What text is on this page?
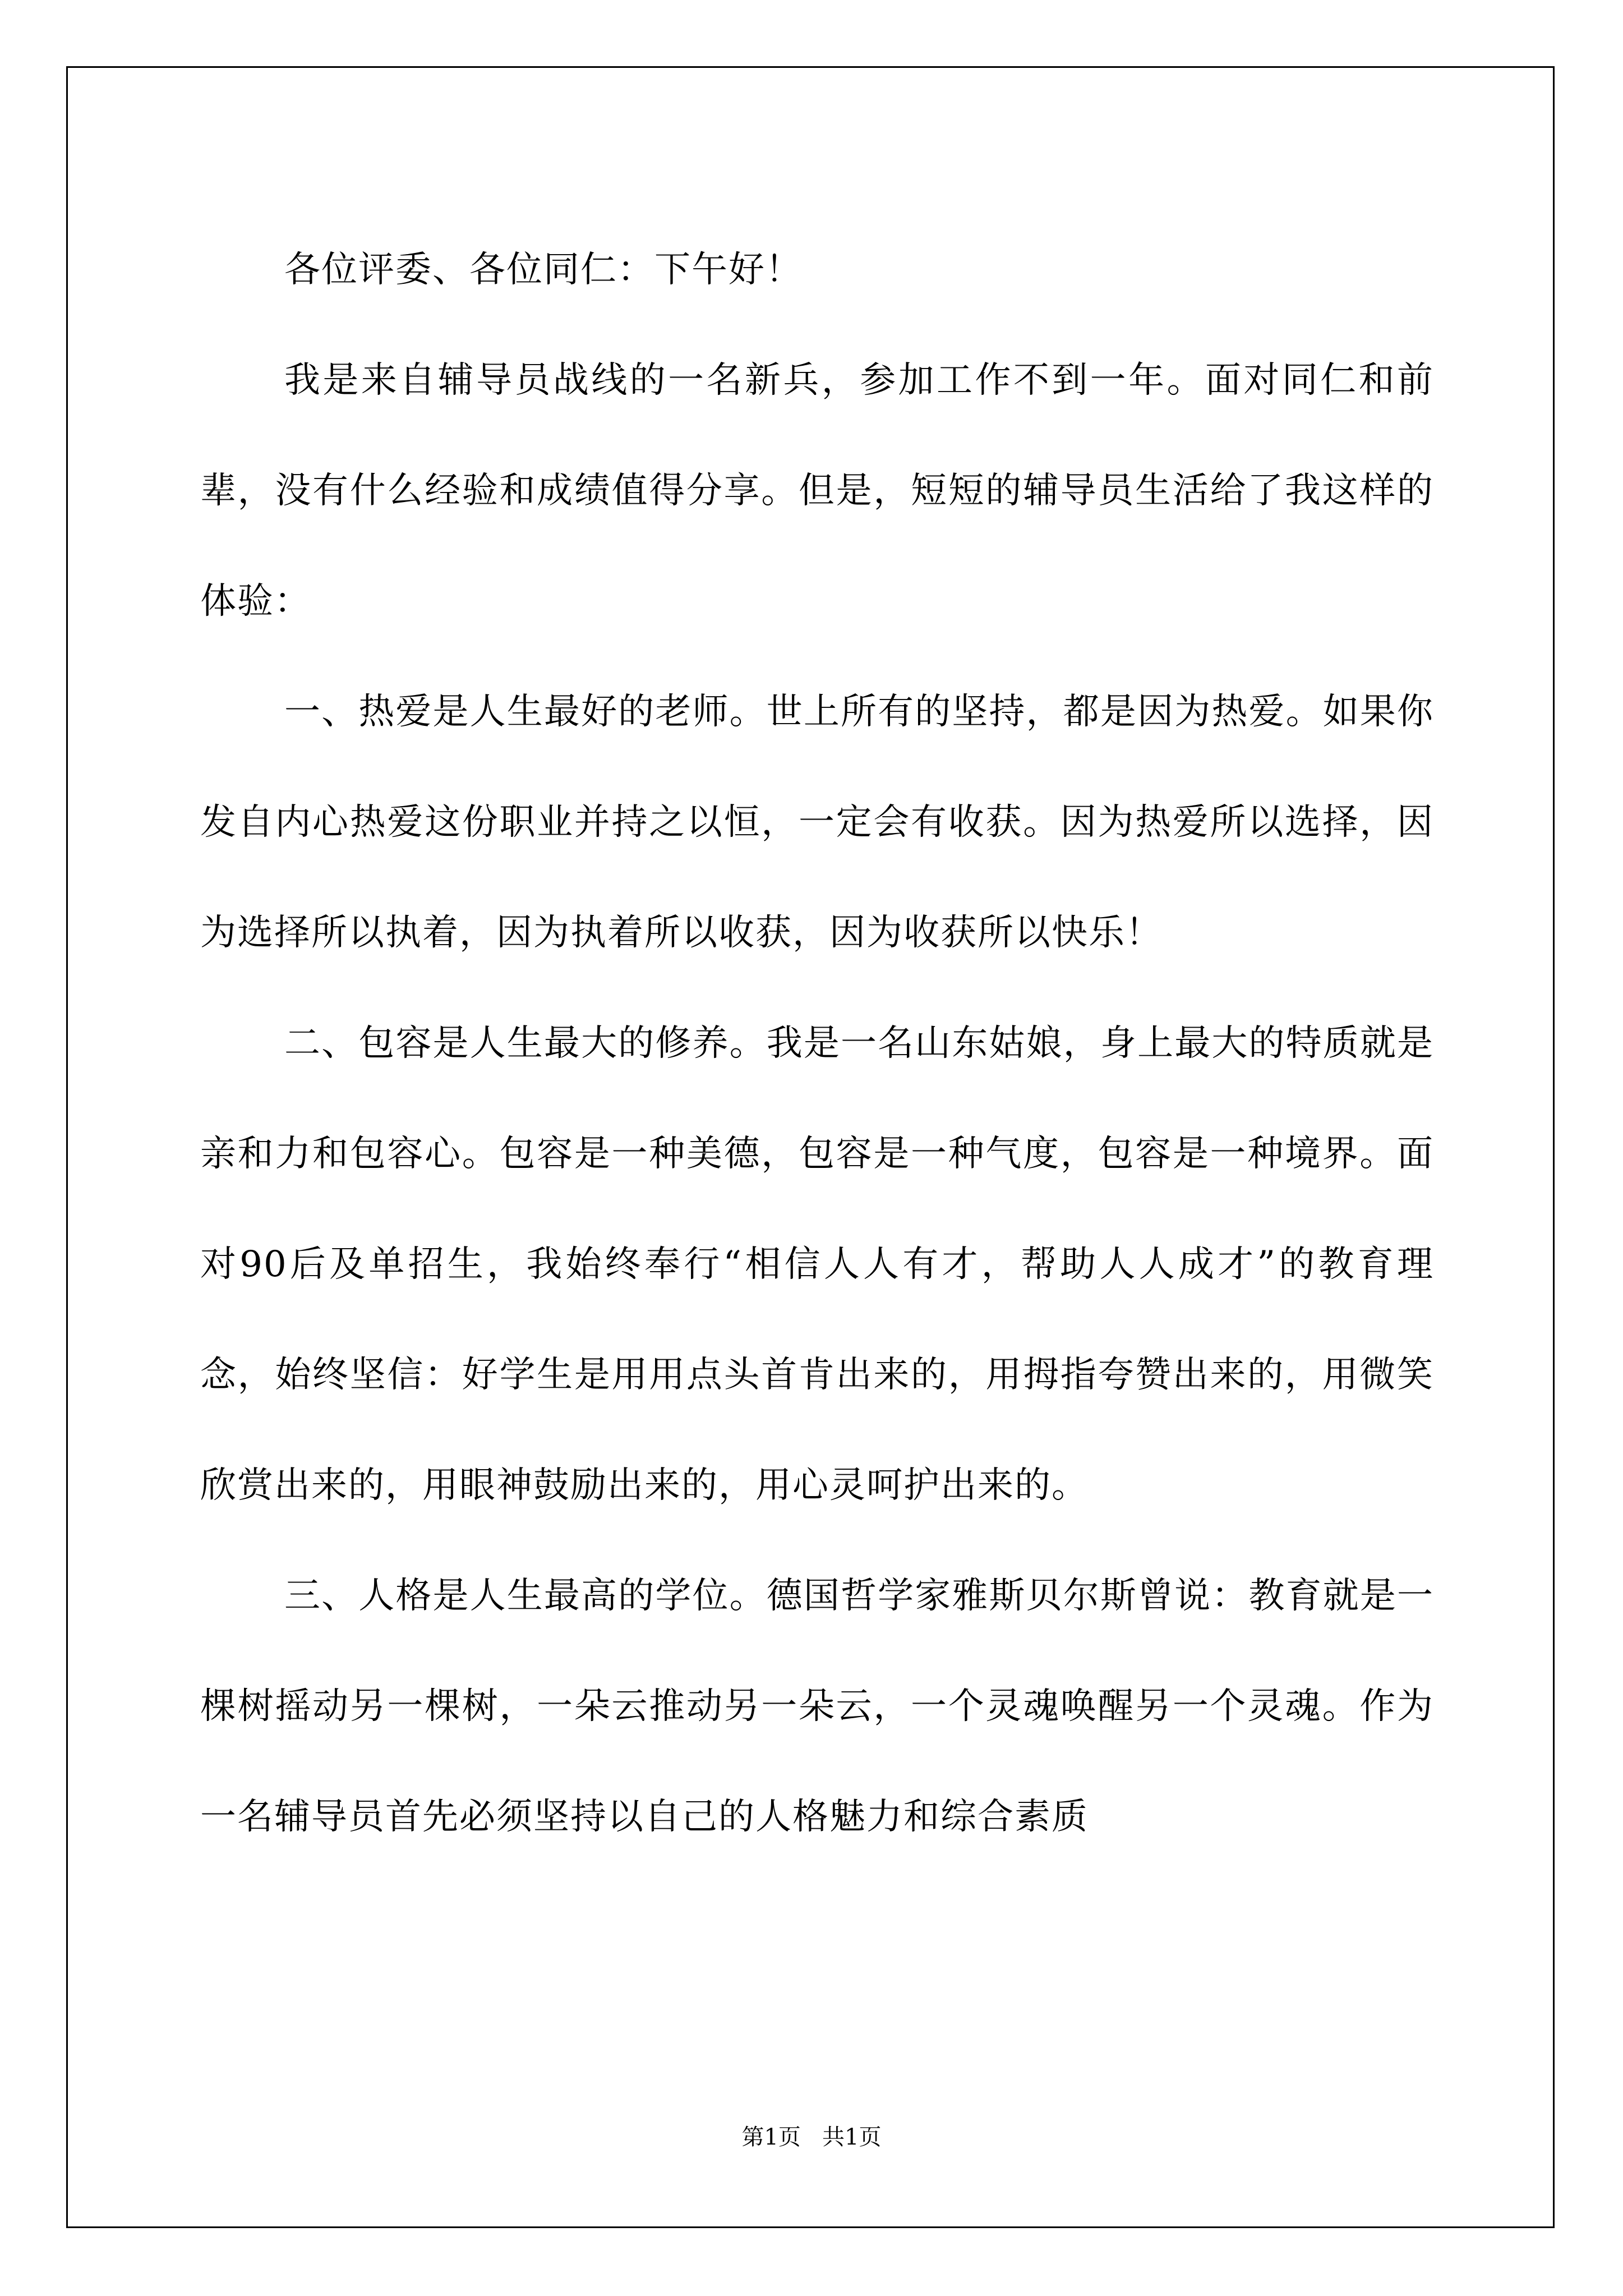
各位评委、各位同仁：下午好！

我是来自辅导员战线的一名新兵，参加工作不到一年。面对同仁和前辈，没有什么经验和成绩值得分享。但是，短短的辅导员生活给了我这样的体验：

一、热爱是人生最好的老师。世上所有的坚持，都是因为热爱。如果你发自内心热爱这份职业并持之以恒，一定会有收获。因为热爱所以选择，因为选择所以执着，因为执着所以收获，因为收获所以快乐！

二、包容是人生最大的修养。我是一名山东姑娘，身上最大的特质就是亲和力和包容心。包容是一种美德，包容是一种气度，包容是一种境界。面对90后及单招生，我始终奉行“相信人人有才，帮助人人成才”的教育理念，始终坚信：好学生是用用点头首肯出来的，用拇指夸赞出来的，用微笑欣赏出来的，用眼神鼓励出来的，用心灵呵护出来的。

三、人格是人生最高的学位。德国哲学家雅斯贝尔斯曾说：教育就是一棵树摇动另一棵树，一朵云推动另一朵云，一个灵魂唤醒另一个灵魂。作为一名辅导员首先必须坚持以自己的人格魅力和综合素质

第1页   共1页
